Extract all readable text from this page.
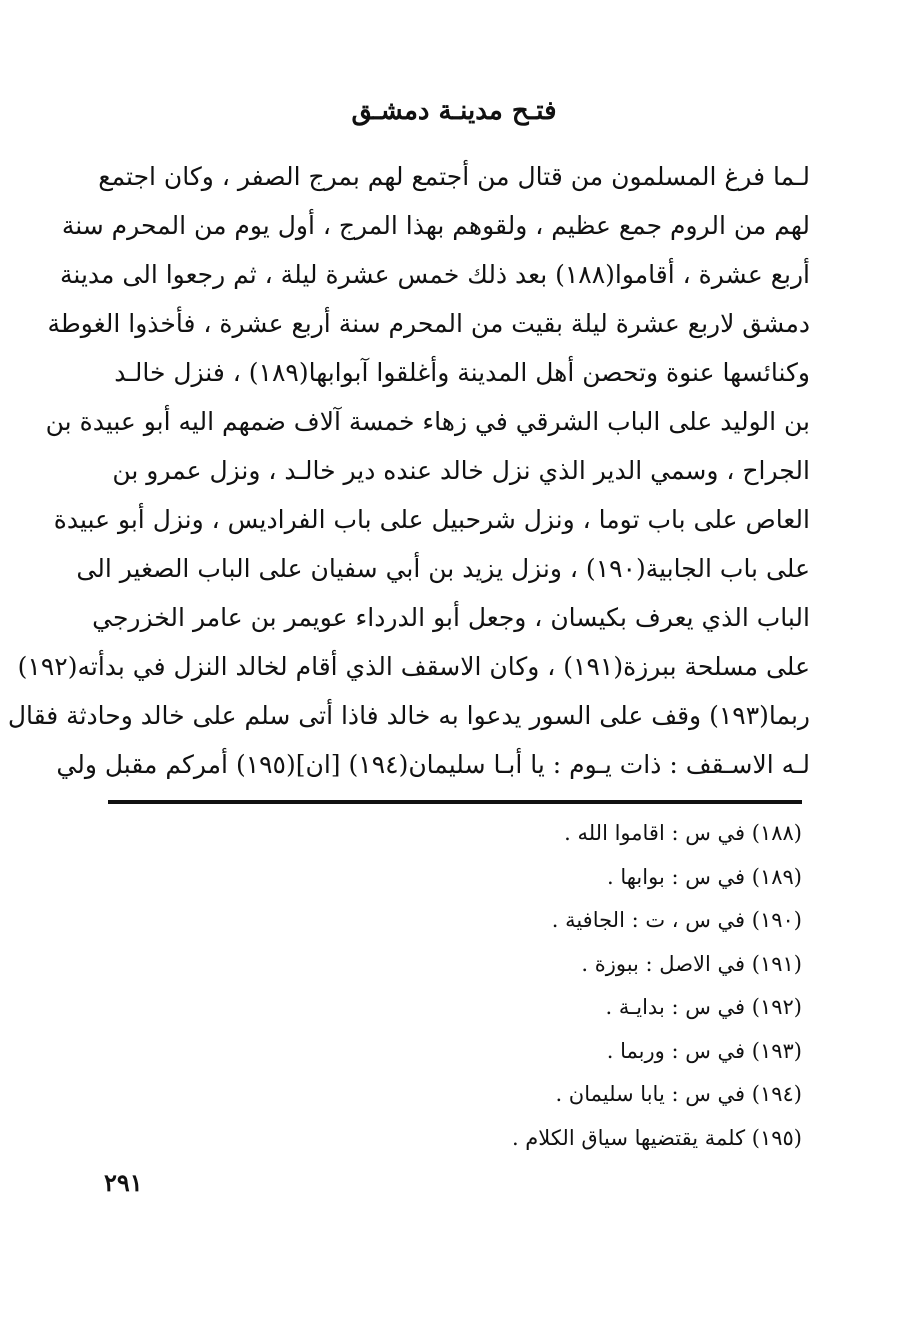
فتـح مدينـة دمشـق
لـما فرغ المسلمون من قتال من أجتمع لهم بمرج الصفر ، وكان اجتمع
لهم من الروم جمع عظيم ، ولقوهم بهذا المرج ، أول يوم من المحرم سنة
أربع عشرة ، أقاموا(١٨٨) بعد ذلك خمس عشرة ليلة ، ثم رجعوا الى مدينة
دمشق لاربع عشرة ليلة بقيت من المحرم سنة أربع عشرة ، فأخذوا الغوطة
وكنائسها عنوة وتحصن أهل المدينة وأغلقوا آبوابها(١٨٩) ، فنزل خالـد
بن الوليد على الباب الشرقي في زهاء خمسة آلاف ضمهم اليه أبو عبيدة بن
الجراح ، وسمي الدير الذي نزل خالد عنده دير خالـد ، ونزل عمرو بن
العاص على باب توما ، ونزل شرحبيل على باب الفراديس ، ونزل أبو عبيدة
على باب الجابية(١٩٠) ، ونزل يزيد بن أبي سفيان على الباب الصغير الى
الباب الذي يعرف بكيسان ، وجعل أبو الدرداء عويمر بن عامر الخزرجي
على مسلحة ببرزة(١٩١) ، وكان الاسقف الذي أقام لخالد النزل في بدأته(١٩٢)
ربما(١٩٣) وقف على السور يدعوا به خالد فاذا أتى سلم على خالد وحادثة فقال
لـه الاسـقف : ذات يـوم : يا أبـا سليمان(١٩٤) [ان](١٩٥) أمركم مقبل ولي
(١٨٨) في س : اقاموا الله .
(١٨٩) في س : بوابها .
(١٩٠) في س ، ت : الجافية .
(١٩١) في الاصل : ببوزة .
(١٩٢) في س : بدايـة .
(١٩٣) في س : وربما .
(١٩٤) في س : يابا سليمان .
(١٩٥) كلمة يقتضيها سياق الكلام .
٢٩١
